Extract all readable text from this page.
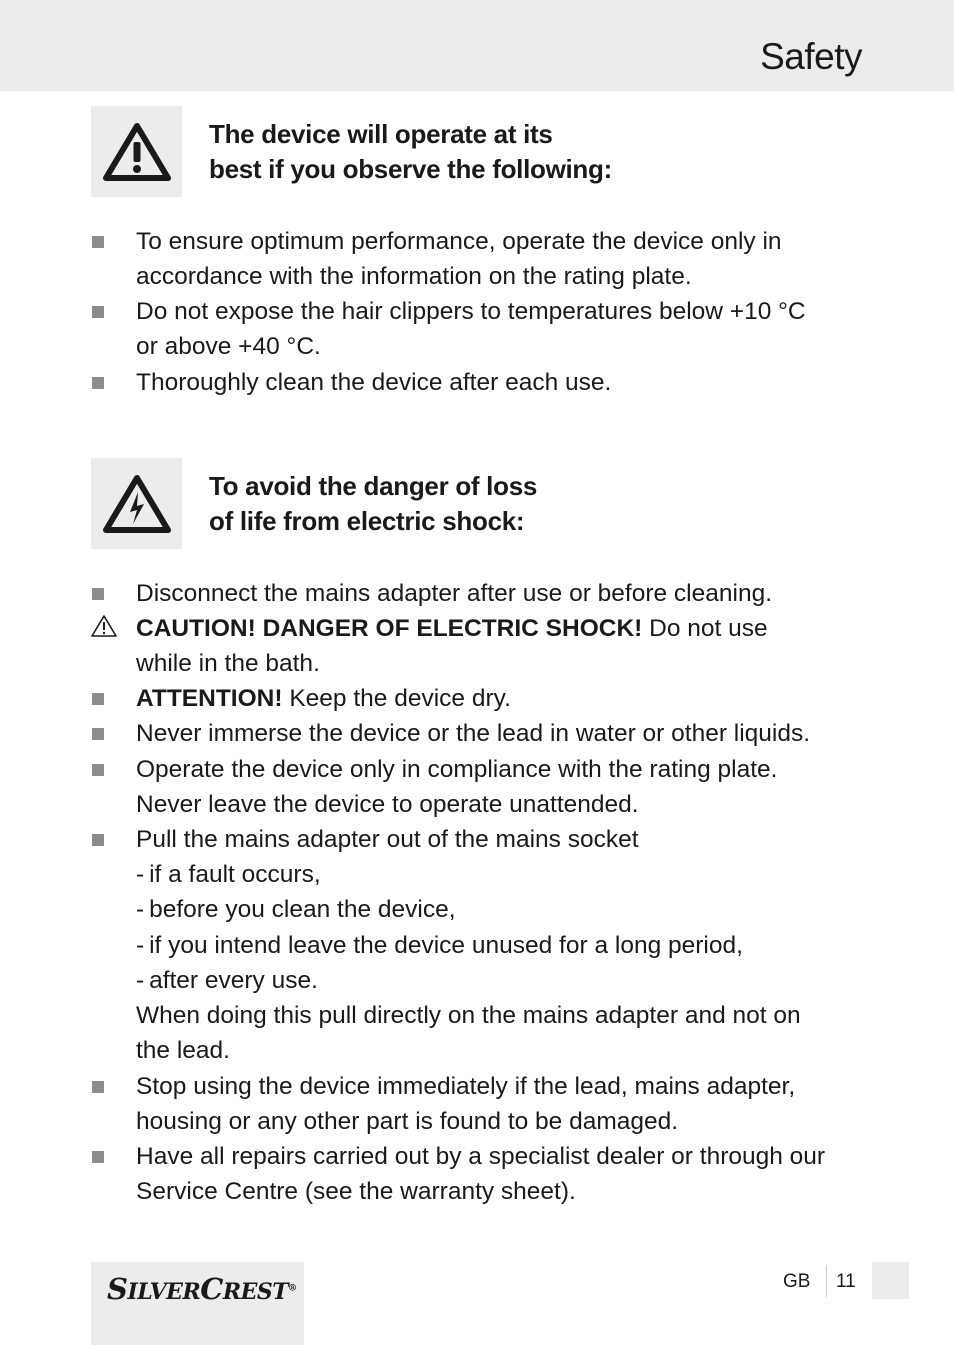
Safety
The device will operate at its
best if you observe the following:
To ensure optimum performance, operate the device only in
accordance with the information on the rating plate.
Do not expose the hair clippers to temperatures below +10 °C
or above +40 °C.
Thoroughly clean the device after each use.
To avoid the danger of loss
of life from electric shock:
Disconnect the mains adapter after use or before cleaning.
CAUTION! DANGER OF ELECTRIC SHOCK! Do not use
while in the bath.
ATTENTION! Keep the device dry.
Never immerse the device or the lead in water or other liquids.
Operate the device only in compliance with the rating plate.
Never leave the device to operate unattended.
Pull the mains adapter out of the mains socket
- if a fault occurs,
- before you clean the device,
- if you intend leave the device unused for a long period,
- after every use.
When doing this pull directly on the mains adapter and not on
the lead.
Stop using the device immediately if the lead, mains adapter,
housing or any other part is found to be damaged.
Have all repairs carried out by a specialist dealer or through our
Service Centre (see the warranty sheet).
SILVERCREST®	GB 11
